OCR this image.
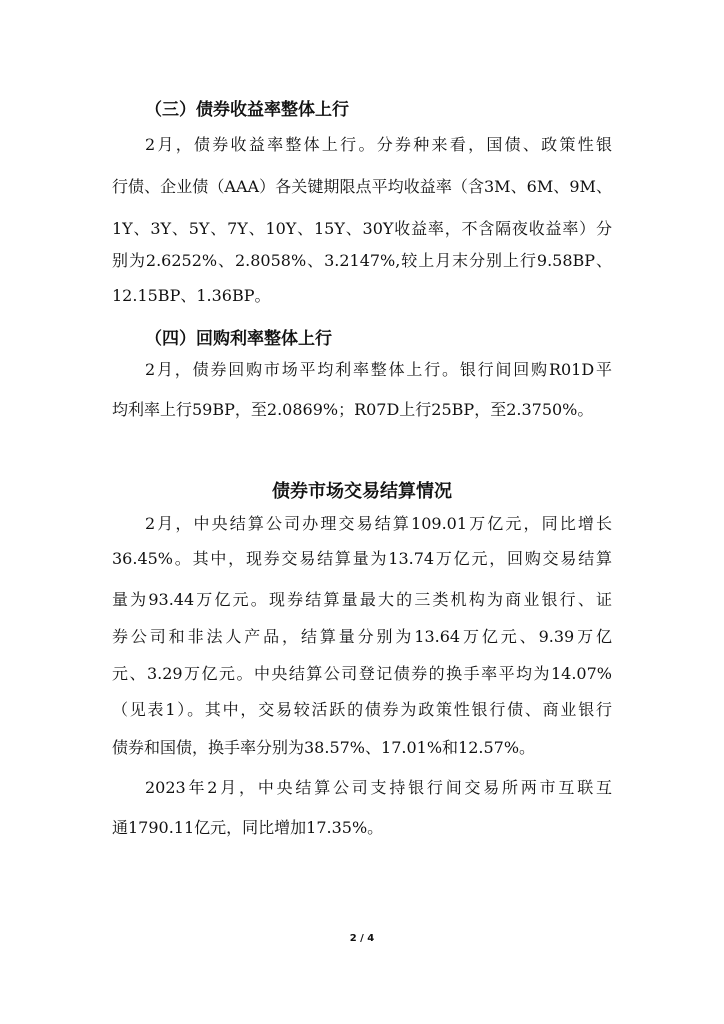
（三）债券收益率整体上行
2月，债券收益率整体上行。分券种来看，国债、政策性银
行债、企业债（AAA）各关键期限点平均收益率（含3M、6M、9M、
1Y、3Y、5Y、7Y、10Y、15Y、30Y收益率，不含隔夜收益率）分
别为2.6252%、2.8058%、3.2147%,较上月末分别上行9.58BP、
12.15BP、1.36BP。
（四）回购利率整体上行
2月，债券回购市场平均利率整体上行。银行间回购R01D平
均利率上行59BP，至2.0869%；R07D上行25BP，至2.3750%。
债券市场交易结算情况
2月，中央结算公司办理交易结算109.01万亿元，同比增长
36.45%。其中，现券交易结算量为13.74万亿元，回购交易结算
量为93.44万亿元。现券结算量最大的三类机构为商业银行、证
券公司和非法人产品，结算量分别为13.64万亿元、9.39万亿
元、3.29万亿元。中央结算公司登记债券的换手率平均为14.07%
（见表1）。其中，交易较活跃的债券为政策性银行债、商业银行
债券和国债，换手率分别为38.57%、17.01%和12.57%。
2023年2月，中央结算公司支持银行间交易所两市互联互
通1790.11亿元，同比增加17.35%。
2 / 4
